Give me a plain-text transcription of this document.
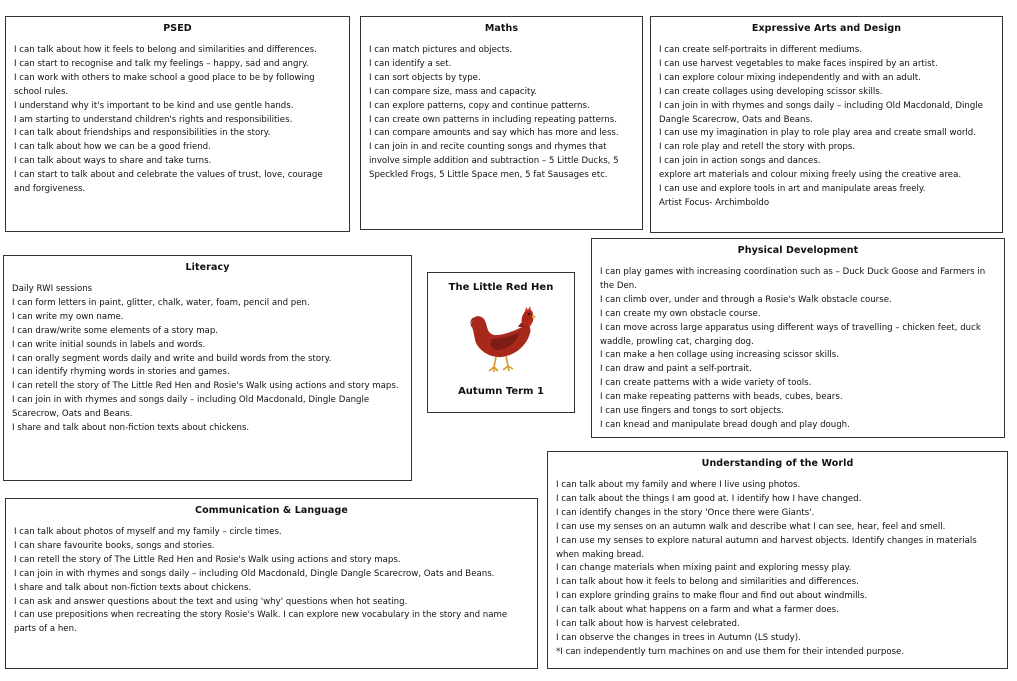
PSED
I can talk about how it feels to belong and similarities and differences.
I can start to recognise and talk my feelings – happy, sad and angry.
I can work with others to make school a good place to be by following school rules.
I understand why it's important to be kind and use gentle hands.
I am starting to understand children's rights and responsibilities.
I can talk about friendships and responsibilities in the story.
I can talk about how we can be a good friend.
I can talk about ways to share and take turns.
I can start to talk about and celebrate the values of trust, love, courage and forgiveness.
Maths
I can match pictures and objects.
I can identify a set.
I can sort objects by type.
I can compare size, mass and capacity.
I can explore patterns, copy and continue patterns.
I can create own patterns in including repeating patterns.
I can compare amounts and say which has more and less.
I can join in and recite counting songs and rhymes that involve simple addition and subtraction – 5 Little Ducks, 5 Speckled Frogs, 5 Little Space men, 5 fat Sausages etc.
Expressive Arts and Design
I can create self-portraits in different mediums.
I can use harvest vegetables to make faces inspired by an artist.
I can explore colour mixing independently and with an adult.
I can create collages using developing scissor skills.
I can join in with rhymes and songs daily – including Old Macdonald, Dingle Dangle Scarecrow, Oats and Beans.
I can use my imagination in play to role play area and create small world.
I can role play and retell the story with props.
I can join in action songs and dances.
explore art materials and colour mixing freely using the creative area.
I can use and explore tools in art and manipulate areas freely.
Artist Focus- Archimboldo
Physical Development
I can play games with increasing coordination such as – Duck Duck Goose and Farmers in the Den.
I can climb over, under and through a Rosie's Walk obstacle course.
I can create my own obstacle course.
I can move across large apparatus using different ways of travelling – chicken feet, duck waddle, prowling cat, charging dog.
I can make a hen collage using increasing scissor skills.
I can draw and paint a self-portrait.
I can create patterns with a wide variety of tools.
I can make repeating patterns with beads, cubes, bears.
I can use fingers and tongs to sort objects.
I can knead and manipulate bread dough and play dough.
Literacy
Daily RWI sessions
I can form letters in paint, glitter, chalk, water, foam, pencil and pen.
I can write my own name.
I can draw/write some elements of a story map.
I can write initial sounds in labels and words.
I can orally segment words daily and write and build words from the story.
I can identify rhyming words in stories and games.
I can retell the story of The Little Red Hen and Rosie's Walk using actions and story maps.
I can join in with rhymes and songs daily – including Old Macdonald, Dingle Dangle Scarecrow, Oats and Beans.
I share and talk about non-fiction texts about chickens.
The Little Red Hen
Autumn Term 1
Communication & Language
I can talk about photos of myself and my family – circle times.
I can share favourite books, songs and stories.
I can retell the story of The Little Red Hen and Rosie's Walk using actions and story maps.
I can join in with rhymes and songs daily – including Old Macdonald, Dingle Dangle Scarecrow, Oats and Beans.
I share and talk about non-fiction texts about chickens.
I can ask and answer questions about the text and using 'why' questions when hot seating.
I can use prepositions when recreating the story Rosie's Walk. I can explore new vocabulary in the story and name parts of a hen.
Understanding of the World
I can talk about my family and where I live using photos.
I can talk about the things I am good at. I identify how I have changed.
I can identify changes in the story 'Once there were Giants'.
I can use my senses on an autumn walk and describe what I can see, hear, feel and smell.
I can use my senses to explore natural autumn and harvest objects. Identify changes in materials when making bread.
I can change materials when mixing paint and exploring messy play.
I can talk about how it feels to belong and similarities and differences.
I can explore grinding grains to make flour and find out about windmills.
I can talk about what happens on a farm and what a farmer does.
I can talk about how is harvest celebrated.
I can observe the changes in trees in Autumn (LS study).
*I can independently turn machines on and use them for their intended purpose.
